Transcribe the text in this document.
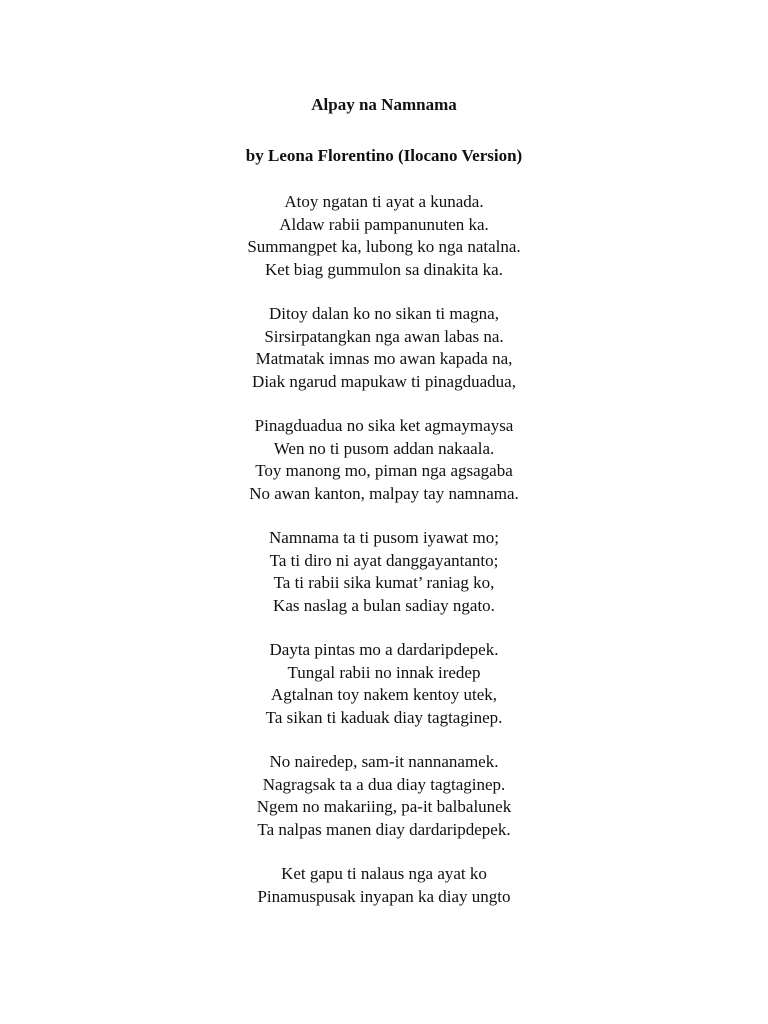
Alpay na Namnama
by Leona Florentino (Ilocano Version)
Atoy ngatan ti ayat a kunada.
Aldaw rabii pampanunuten ka.
Summangpet ka, lubong ko nga natalna.
Ket biag gummulon sa dinakita ka.
Ditoy dalan ko no sikan ti magna,
Sirsirpatangkan nga awan labas na.
Matmatak imnas mo awan kapada na,
Diak ngarud mapukaw ti pinagduadua,
Pinagduadua no sika ket agmaymaysa
Wen no ti pusom addan nakaala.
Toy manong mo, piman nga agsagaba
No awan kanton, malpay tay namnama.
Namnama ta ti pusom iyawat mo;
Ta ti diro ni ayat danggayantanto;
Ta ti rabii sika kumat’ raniag ko,
Kas naslag a bulan sadiay ngato.
Dayta pintas mo a dardaripdepek.
Tungal rabii no innak iredep
Agtalnan toy nakem kentoy utek,
Ta sikan ti kaduak diay tagtaginep.
No nairedep, sam-it nannanamek.
Nagragsak ta a dua diay tagtaginep.
Ngem no makariing, pa-it balbalunek
Ta nalpas manen diay dardaripdepek.
Ket gapu ti nalaus nga ayat ko
Pinamuspusak inyapan ka diay ungto
